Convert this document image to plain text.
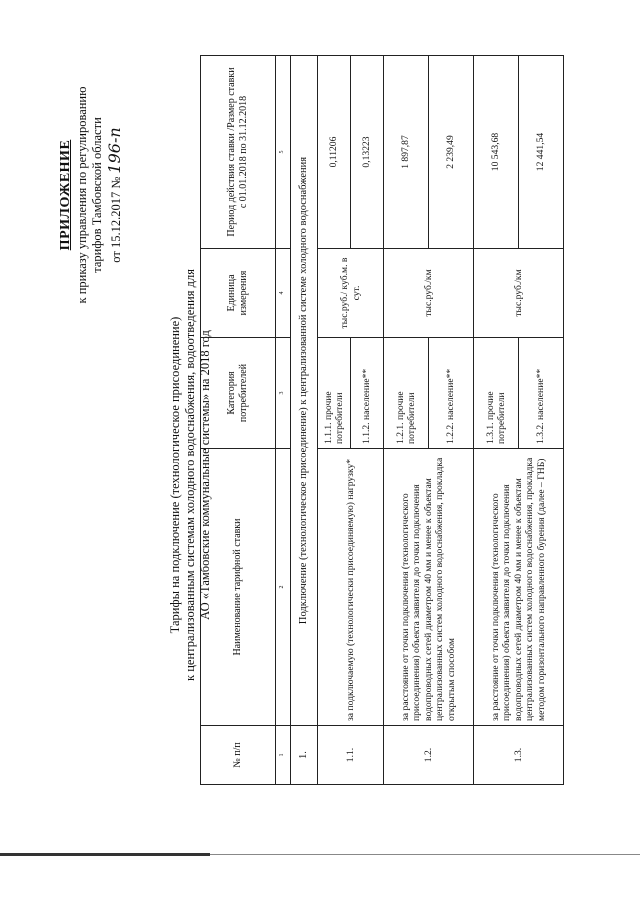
ПРИЛОЖЕНИЕ к приказу управления по регулированию тарифов Тамбовской области от 15.12.2017 № 196-п
Тарифы на подключение (технологическое присоединение) к централизованным системам холодного водоснабжения, водоотведения для АО «Тамбовские коммунальные системы» на 2018 год
№ п/п	Наименование тарифной ставки	Категория потребителей	Единица измерения	Период действия ставки /Размер ставки с 01.01.2018 по 31.12.2018

1	2	3	4	5
1.	Подключение (технологическое присоединение) к централизованной системе холодного водоснабжения			
1.1.	за подключаемую (технологически присоединяемую) нагрузку*	1.1.1. прочие потребители	тыс.руб./ куб.м. в сут.	0,11206
		1.1.2. население**		0,13223
1.2.	за расстояние от точки подключения (технологического присоединения) объекта заявителя до точки подключения водопроводных сетей диаметром 40 мм и менее к объектам централизованных систем холодного водоснабжения, прокладка открытым способом	1.2.1. прочие потребители	тыс.руб./км	1 897,87
		1.2.2. население**		2 239,49
1.3.	за расстояние от точки подключения (технологического присоединения) объекта заявителя до точки подключения водопроводных сетей диаметром 40 мм и менее к объектам централизованных систем холодного водоснабжения, прокладка методом горизонтального направленного бурения (далее – ГНБ)	1.3.1. прочие потребители	тыс.руб./км	10 543,68
		1.3.2. население**		12 441,54
